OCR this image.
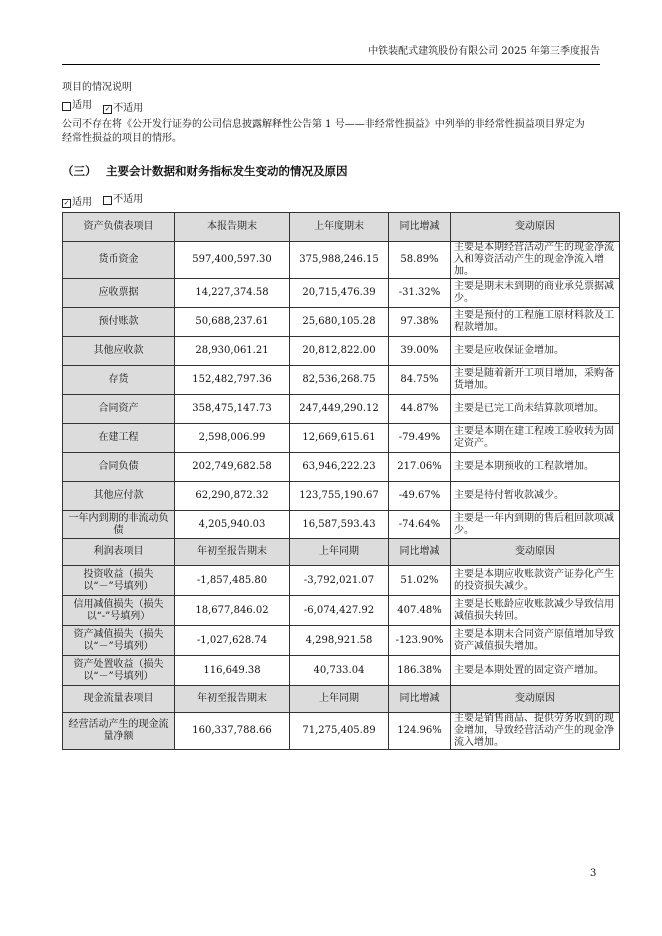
中铁装配式建筑股份有限公司 2025 年第三季度报告
项目的情况说明
适用
✓ 不适用
公司不存在将《公开发行证券的公司信息披露解释性公告第 1 号——非经常性损益》中列举的非经常性损益项目界定为
经常性损益的项目的情形。
（三） 主要会计数据和财务指标发生变动的情况及原因
✓ 适用
不适用
资产负债表项目	本报告期末	上年度期末	同比增减	变动原因
货币资金	597,400,597.30	375,988,246.15	58.89%	主要是本期经营活动产生的现金净流入和筹资活动产生的现金净流入增加。
应收票据	14,227,374.58	20,715,476.39	-31.32%	主要是期末未到期的商业承兑票据减少。
预付账款	50,688,237.61	25,680,105.28	97.38%	主要是预付的工程施工原材料款及工程款增加。
其他应收款	28,930,061.21	20,812,822.00	39.00%	主要是应收保证金增加。
存货	152,482,797.36	82,536,268.75	84.75%	主要是随着新开工项目增加，采购备货增加。
合同资产	358,475,147.73	247,449,290.12	44.87%	主要是已完工尚未结算款项增加。
在建工程	2,598,006.99	12,669,615.61	-79.49%	主要是本期在建工程竣工验收转为固定资产。
合同负债	202,749,682.58	63,946,222.23	217.06%	主要是本期预收的工程款增加。
其他应付款	62,290,872.32	123,755,190.67	-49.67%	主要是待付暂收款减少。
一年内到期的非流动负债	4,205,940.03	16,587,593.43	-74.64%	主要是一年内到期的售后租回款项减少。
利润表项目	年初至报告期末	上年同期	同比增减	变动原因
投资收益（损失以“－”号填列）	-1,857,485.80	-3,792,021.07	51.02%	主要是本期应收账款资产证券化产生的投资损失减少。
信用减值损失（损失以“-”号填列）	18,677,846.02	-6,074,427.92	407.48%	主要是长账龄应收账款减少导致信用减值损失转回。
资产减值损失（损失以“－”号填列）	-1,027,628.74	4,298,921.58	-123.90%	主要是本期末合同资产原值增加导致资产减值损失增加。
资产处置收益（损失以“－”号填列）	116,649.38	40,733.04	186.38%	主要是本期处置的固定资产增加。
现金流量表项目	年初至报告期末	上年同期	同比增减	变动原因
经营活动产生的现金流量净额	160,337,788.66	71,275,405.89	124.96%	主要是销售商品、提供劳务收到的现金增加，导致经营活动产生的现金净流入增加。
3
